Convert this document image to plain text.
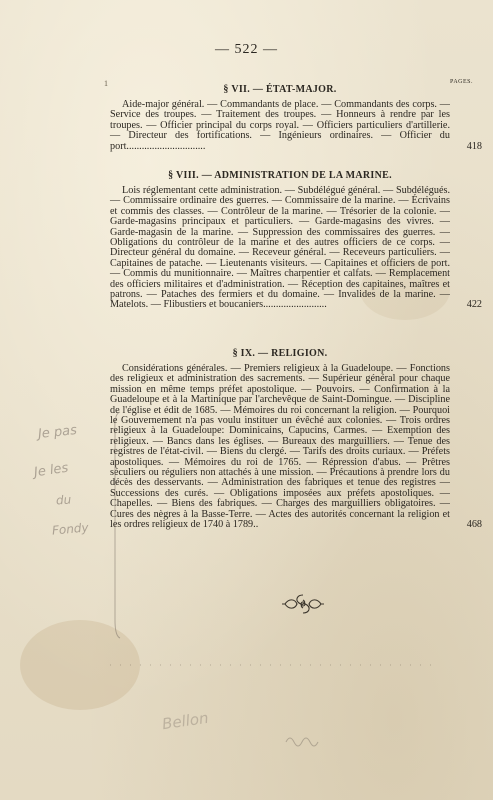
— 522 —
1	PAGES.
§ VII. — ÉTAT-MAJOR.

Aide-major général. — Commandants de place. — Commandants des corps. — Service des troupes. — Traitement des troupes. — Honneurs à rendre par les troupes. — Officier principal du corps royal. — Officiers particuliers d'artillerie. — Directeur des fortifications. — Ingénieurs ordinaires. — Officier du port...............................	418

§ VIII. — ADMINISTRATION DE LA MARINE.

Lois réglementant cette administration. — Subdélégué général. — Subdélégués. — Commissaire ordinaire des guerres. — Commissaire de la marine. — Écrivains et commis des classes. — Contrôleur de la marine. — Trésorier de la colonie. — Garde-magasins principaux et particuliers. — Garde-magasins des vivres. — Garde-magasin de la marine. — Suppression des commissaires des guerres. — Obligations du contrôleur de la marine et des autres officiers de ce corps. — Directeur général du domaine. — Receveur général. — Receveurs particuliers. — Capitaines de patache. — Lieutenants visiteurs. — Capitaines et officiers de port. — Commis du munitionnaire. — Maîtres charpentier et calfats. — Remplacement des officiers militaires et d'administration. — Réception des capitaines, maîtres et patrons. — Pataches des fermiers et du domaine. — Invalides de la marine. — Matelots. — Flibustiers et boucaniers.........................	422

§ IX. — RELIGION.

Considérations générales. — Premiers religieux à la Guadeloupe. — Fonctions des religieux et administration des sacrements. — Supérieur général pour chaque mission en même temps préfet apostolique. — Pouvoirs. — Confirmation à la Guadeloupe et à la Martinique par l'archevêque de Saint-Domingue. — Discipline de l'église et édit de 1685. — Mémoires du roi concernant la religion. — Pourquoi le Gouvernement n'a pas voulu instituer un évêché aux colonies. — Trois ordres religieux à la Guadeloupe: Dominicains, Capucins, Carmes. — Exemption des religieux. — Bancs dans les églises. — Bureaux des marguilliers. — Tenue des registres de l'état-civil. — Biens du clergé. — Tarifs des droits curiaux. — Préfets apostoliques. — Mémoires du roi de 1765. — Répression d'abus. — Prêtres séculiers ou réguliers non attachés à une mission. — Précautions à prendre lors du décès des desservants. — Administration des fabriques et tenue des registres — Successions des curés. — Obligations imposées aux préfets apostoliques. — Chapelles. — Biens des fabriques. — Charges des marguilliers obligatoires. — Cures des nègres à la Basse-Terre. — Actes des autorités concernant la religion et les ordres religieux de 1740 à 1789..	468

Je pas
Je les
du
Fondy
Bellon
